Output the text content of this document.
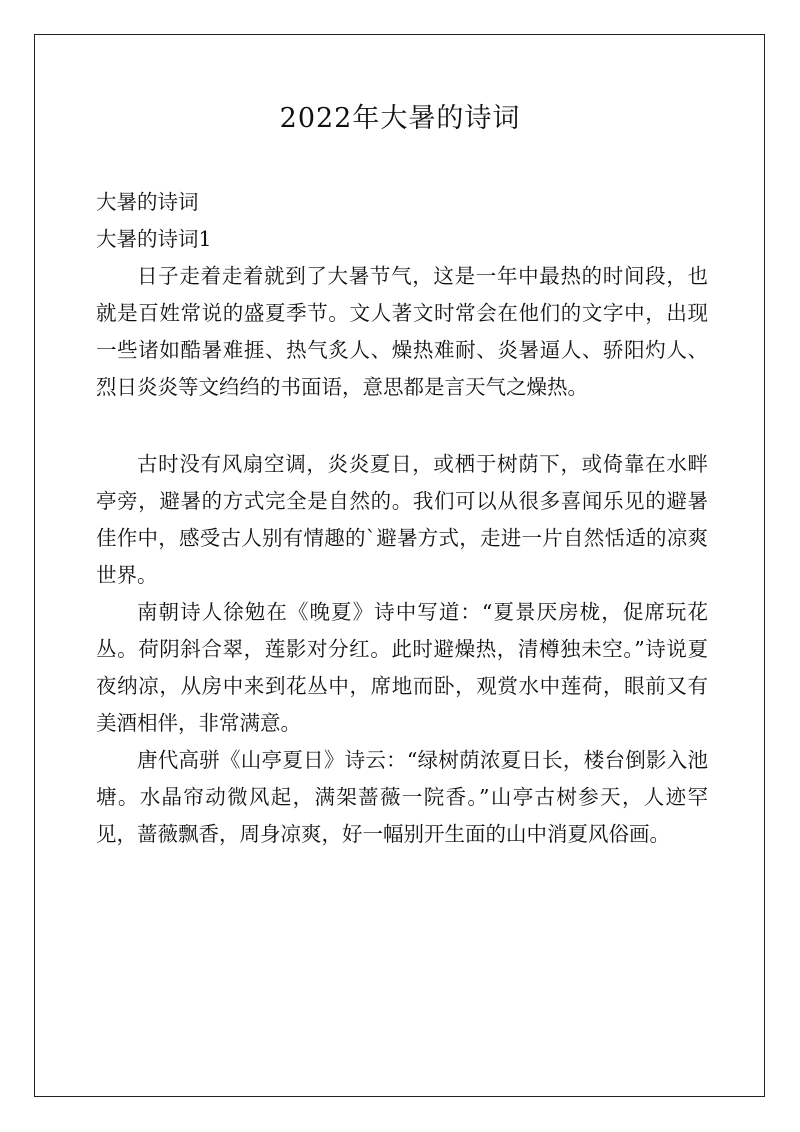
2022年大暑的诗词

大暑的诗词

大暑的诗词1

日子走着走着就到了大暑节气，这是一年中最热的时间段，也就是百姓常说的盛夏季节。文人著文时常会在他们的文字中，出现一些诸如酷暑难捱、热气炙人、燥热难耐、炎暑逼人、骄阳灼人、烈日炎炎等文绉绉的书面语，意思都是言天气之燥热。

古时没有风扇空调，炎炎夏日，或栖于树荫下，或倚靠在水畔亭旁，避暑的方式完全是自然的。我们可以从很多喜闻乐见的避暑佳作中，感受古人别有情趣的`避暑方式，走进一片自然恬适的凉爽世界。

南朝诗人徐勉在《晚夏》诗中写道：“夏景厌房栊，促席玩花丛。荷阴斜合翠，莲影对分红。此时避燥热，清樽独未空。”诗说夏夜纳凉，从房中来到花丛中，席地而卧，观赏水中莲荷，眼前又有美酒相伴，非常满意。

唐代高骈《山亭夏日》诗云：“绿树荫浓夏日长，楼台倒影入池塘。水晶帘动微风起，满架蔷薇一院香。”山亭古树参天，人迹罕见，蔷薇飘香，周身凉爽，好一幅别开生面的山中消夏风俗画。
